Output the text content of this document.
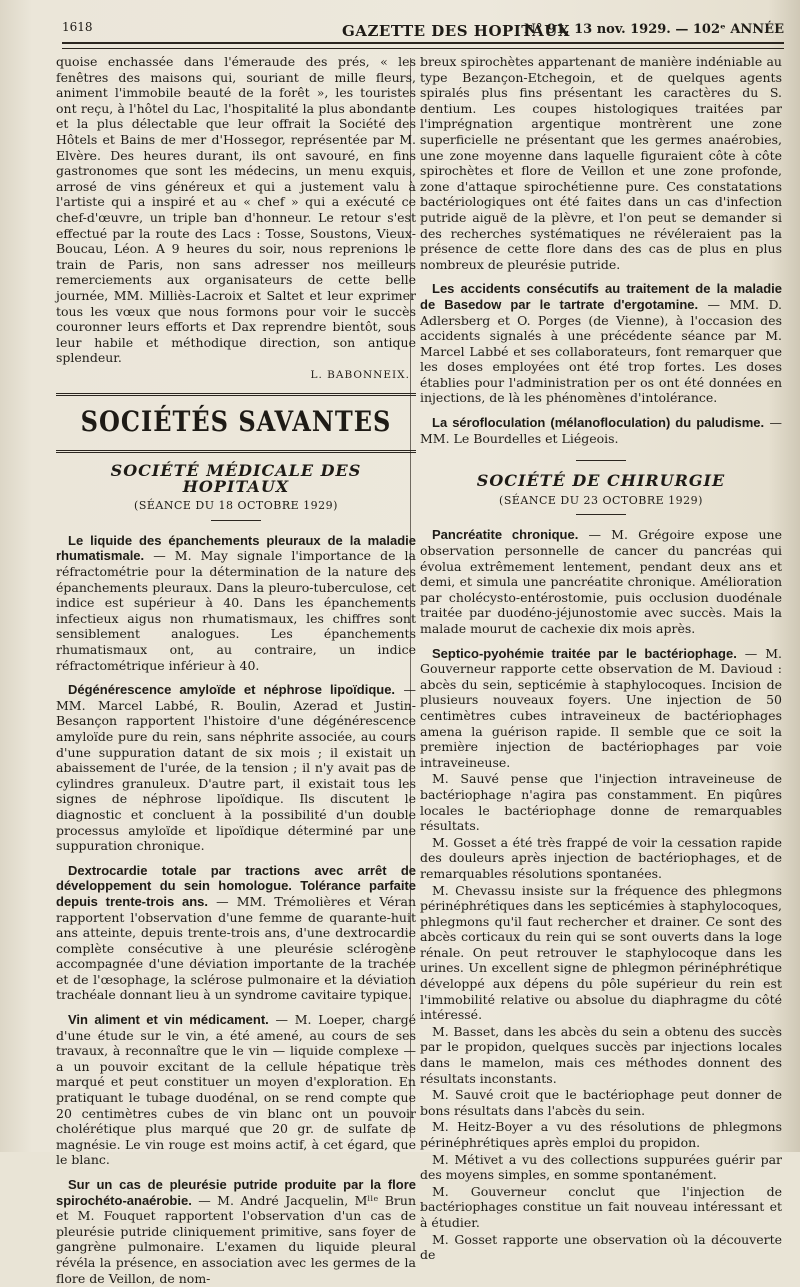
1618	GAZETTE DES HOPITAUX
N° 91, 13 nov. 1929. — 102ᵉ ANNÉE

quoise enchassée dans l'émeraude des prés, « les fenêtres des maisons qui, souriant de mille fleurs, animent l'immobile beauté de la forêt », les touristes ont reçu, à l'hôtel du Lac, l'hospitalité la plus abondante et la plus délectable que leur offrait la Société des Hôtels et Bains de mer d'Hossegor, représentée par M. Elvère. Des heures durant, ils ont savouré, en fins gastronomes que sont les médecins, un menu exquis, arrosé de vins généreux et qui a justement valu à l'artiste qui a inspiré et au « chef » qui a exécuté ce chef-d'œuvre, un triple ban d'honneur. Le retour s'est effectué par la route des Lacs : Tosse, Soustons, Vieux-Boucau, Léon. A 9 heures du soir, nous reprenions le train de Paris, non sans adresser nos meilleurs remerciements aux organisateurs de cette belle journée, MM. Milliès-Lacroix et Saltet et leur exprimer tous les vœux que nous formons pour voir le succès couronner leurs efforts et Dax reprendre bientôt, sous leur habile et méthodique direction, son antique splendeur.

L. BABONNEIX.
SOCIÉTÉS SAVANTES
SOCIÉTÉ MÉDICALE DES HOPITAUX
(SÉANCE DU 18 OCTOBRE 1929)

Le liquide des épanchements pleuraux de la maladie rhumatismale. — M. May signale l'importance de la réfractométrie pour la détermination de la nature des épanchements pleuraux. Dans la pleuro-tuberculose, cet indice est supérieur à 40. Dans les épanchements infectieux aigus non rhumatismaux, les chiffres sont sensiblement analogues. Les épanchements rhumatismaux ont, au contraire, un indice réfractométrique inférieur à 40.

Dégénérescence amyloïde et néphrose lipoïdique. — MM. Marcel Labbé, R. Boulin, Azerad et Justin-Besançon rapportent l'histoire d'une dégénérescence amyloïde pure du rein, sans néphrite associée, au cours d'une suppuration datant de six mois ; il existait un abaissement de l'urée, de la tension ; il n'y avait pas de cylindres granuleux. D'autre part, il existait tous les signes de néphrose lipoïdique. Ils discutent le diagnostic et concluent à la possibilité d'un double processus amyloïde et lipoïdique déterminé par une suppuration chronique.

Dextrocardie totale par tractions avec arrêt de développement du sein homologue. Tolérance parfaite depuis trente-trois ans. — MM. Trémolières et Véran rapportent l'observation d'une femme de quarante-huit ans atteinte, depuis trente-trois ans, d'une dextrocardie complète consécutive à une pleurésie sclérogène accompagnée d'une déviation importante de la trachée et de l'œsophage, la sclérose pulmonaire et la déviation trachéale donnant lieu à un syndrome cavitaire typique.

Vin aliment et vin médicament. — M. Loeper, chargé d'une étude sur le vin, a été amené, au cours de ses travaux, à reconnaître que le vin — liquide complexe — a un pouvoir excitant de la cellule hépatique très marqué et peut constituer un moyen d'exploration. En pratiquant le tubage duodénal, on se rend compte que 20 centimètres cubes de vin blanc ont un pouvoir cholérétique plus marqué que 20 gr. de sulfate de magnésie. Le vin rouge est moins actif, à cet égard, que le blanc.

Sur un cas de pleurésie putride produite par la flore spirochéto-anaérobie. — M. André Jacquelin, Mˡˡᵉ Brun et M. Fouquet rapportent l'observation d'un cas de pleurésie putride cliniquement primitive, sans foyer de gangrène pulmonaire. L'examen du liquide pleural révéla la présence, en association avec les germes de la flore de Veillon, de nom-

breux spirochètes appartenant de manière indéniable au type Bezançon-Etchegoin, et de quelques agents spiralés plus fins présentant les caractères du S. dentium. Les coupes histologiques traitées par l'imprégnation argentique montrèrent une zone superficielle ne présentant que les germes anaérobies, une zone moyenne dans laquelle figuraient côte à côte spirochètes et flore de Veillon et une zone profonde, zone d'attaque spirochétienne pure. Ces constatations bactériologiques ont été faites dans un cas d'infection putride aiguë de la plèvre, et l'on peut se demander si des recherches systématiques ne révéleraient pas la présence de cette flore dans des cas de plus en plus nombreux de pleurésie putride.

Les accidents consécutifs au traitement de la maladie de Basedow par le tartrate d'ergotamine. — MM. D. Adlersberg et O. Porges (de Vienne), à l'occasion des accidents signalés à une précédente séance par M. Marcel Labbé et ses collaborateurs, font remarquer que les doses employées ont été trop fortes. Les doses établies pour l'administration per os ont été données en injections, de là les phénomènes d'intolérance.

La sérofloculation (mélanofloculation) du paludisme. — MM. Le Bourdelles et Liégeois.

SOCIÉTÉ DE CHIRURGIE
(SÉANCE DU 23 OCTOBRE 1929)

Pancréatite chronique. — M. Grégoire expose une observation personnelle de cancer du pancréas qui évolua extrêmement lentement, pendant deux ans et demi, et simula une pancréatite chronique. Amélioration par cholécysto-entérostomie, puis occlusion duodénale traitée par duodéno-jéjunostomie avec succès. Mais la malade mourut de cachexie dix mois après.

Septico-pyohémie traitée par le bactériophage. — M. Gouverneur rapporte cette observation de M. Davioud : abcès du sein, septicémie à staphylocoques. Incision de plusieurs nouveaux foyers. Une injection de 50 centimètres cubes intraveineux de bactériophages amena la guérison rapide. Il semble que ce soit la première injection de bactériophages par voie intraveineuse.

M. Sauvé pense que l'injection intraveineuse de bactériophage n'agira pas constamment. En piqûres locales le bactériophage donne de remarquables résultats.

M. Gosset a été très frappé de voir la cessation rapide des douleurs après injection de bactériophages, et de remarquables résolutions spontanées.

M. Chevassu insiste sur la fréquence des phlegmons périnéphrétiques dans les septicémies à staphylocoques, phlegmons qu'il faut rechercher et drainer. Ce sont des abcès corticaux du rein qui se sont ouverts dans la loge rénale. On peut retrouver le staphylocoque dans les urines. Un excellent signe de phlegmon périnéphrétique développé aux dépens du pôle supérieur du rein est l'immobilité relative ou absolue du diaphragme du côté intéressé.

M. Basset, dans les abcès du sein a obtenu des succès par le propidon, quelques succès par injections locales dans le mamelon, mais ces méthodes donnent des résultats inconstants.

M. Sauvé croit que le bactériophage peut donner de bons résultats dans l'abcès du sein.

M. Heitz-Boyer a vu des résolutions de phlegmons périnéphrétiques après emploi du propidon.

M. Métivet a vu des collections suppurées guérir par des moyens simples, en somme spontanément.

M. Gouverneur conclut que l'injection de bactériophages constitue un fait nouveau intéressant et à étudier.

M. Gosset rapporte une observation où la découverte de
